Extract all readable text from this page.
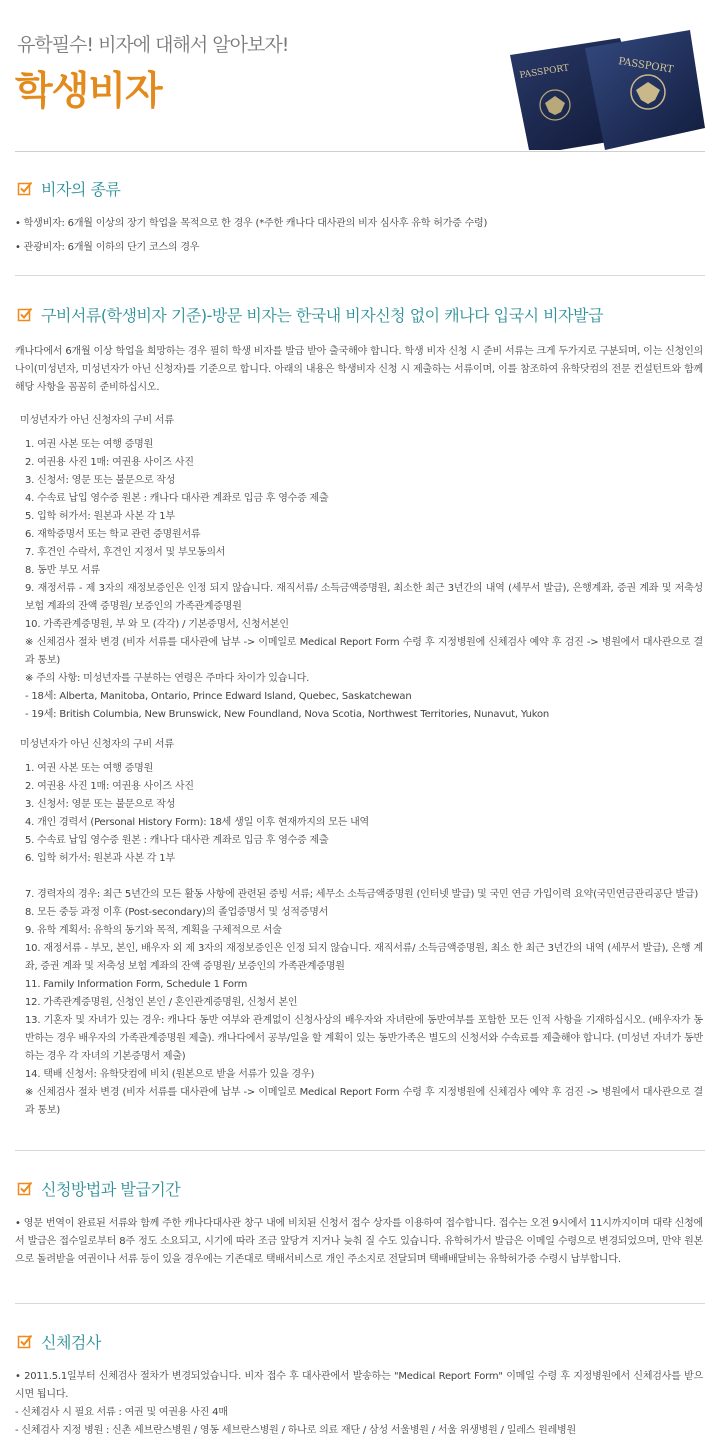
유학필수! 비자에 대해서 알아보자!
학생비자	PASSPORT	PASSPORT
비자의 종류
• 학생비자: 6개월 이상의 장기 학업을 목적으로 한 경우 (*주한 캐나다 대사관의 비자 심사후 유학 허가증 수령)
• 관광비자: 6개월 이하의 단기 코스의 경우
구비서류(학생비자 기준)-방문 비자는 한국내 비자신청 없이 캐나다 입국시 비자발급
캐나다에서 6개월 이상 학업을 희망하는 경우 필히 학생 비자를 발급 받아 출국해야 합니다. 학생 비자 신청 시 준비 서류는 크게 두가지로 구분되며, 이는 신청인의 나이(미성년자, 미성년자가 아닌 신청자)를 기준으로 합니다. 아래의 내용은 학생비자 신청 시 제출하는 서류이며, 이를 참조하여 유학닷컴의 전문 컨설턴트와 함께 해당 사항을 꼼꼼히 준비하십시오.
미성년자가 아닌 신청자의 구비 서류
1. 여권 사본 또는 여행 증명원
2. 여권용 사진 1매: 여권용 사이즈 사진
3. 신청서: 영문 또는 불문으로 작성
4. 수속료 납입 영수증 원본 : 캐나다 대사관 계좌로 입금 후 영수증 제출
5. 입학 허가서: 원본과 사본 각 1부
6. 재학증명서 또는 학교 관련 증명원서류
7. 후견인 수락서, 후견인 지정서 및 부모동의서
8. 동반 부모 서류
9. 재정서류 - 제 3자의 재정보증인은 인정 되지 않습니다. 재직서류/ 소득금액증명원, 최소한 최근 3년간의 내역 (세무서 발급), 은행계좌, 증권 계좌 및 저축성 보험 계좌의 잔액 증명원/ 보증인의 가족관계증명원
10. 가족관계증명원, 부 와 모 (각각) / 기본증명서, 신청서본인
※ 신체검사 절차 변경 (비자 서류를 대사관에 납부 -> 이메일로 Medical Report Form 수령 후 지정병원에 신체검사 예약 후 검진 -> 병원에서 대사관으로 결과 통보)
※ 주의 사항: 미성년자를 구분하는 연령은 주마다 차이가 있습니다.
- 18세: Alberta, Manitoba, Ontario, Prince Edward Island, Quebec, Saskatchewan
- 19세: British Columbia, New Brunswick, New Foundland, Nova Scotia, Northwest Territories, Nunavut, Yukon
미성년자가 아닌 신청자의 구비 서류
1. 여권 사본 또는 여행 증명원
2. 여권용 사진 1매: 여권용 사이즈 사진
3. 신청서: 영문 또는 불문으로 작성
4. 개인 경력서 (Personal History Form): 18세 생일 이후 현재까지의 모든 내역
5. 수속료 납입 영수증 원본 : 캐나다 대사관 계좌로 입금 후 영수증 제출
6. 입학 허가서: 원본과 사본 각 1부
7. 경력자의 경우: 최근 5년간의 모든 활동 사항에 관련된 증빙 서류; 세무소 소득금액증명원 (인터넷 발급) 및 국민 연금 가입이력 요약(국민연금관리공단 발급)
8. 모든 중등 과정 이후 (Post-secondary)의 졸업증명서 및 성적증명서
9. 유학 계획서: 유학의 동기와 목적, 계획을 구체적으로 서술
10. 재정서류 - 부모, 본인, 배우자 외 제 3자의 재정보증인은 인정 되지 않습니다. 재직서류/ 소득금액증명원, 최소 한 최근 3년간의 내역 (세무서 발급), 은행 계좌, 증권 계좌 및 저축성 보험 계좌의 잔액 증명원/ 보증인의 가족관계증명원
11. Family Information Form, Schedule 1 Form
12. 가족관계증명원, 신청인 본인 / 혼인관계증명원, 신청서 본인
13. 기혼자 및 자녀가 있는 경우: 캐나다 동반 여부와 관계없이 신청사상의 배우자와 자녀란에 동반여부를 포함한 모든 인적 사항을 기재하십시오. (배우자가 동반하는 경우 배우자의 가족관계증명원 제출). 캐나다에서 공부/일을 할 계획이 있는 동반가족은 별도의 신청서와 수속료를 제출해야 합니다. (미성년 자녀가 동반하는 경우 각 자녀의 기본증명서 제출)
14. 택배 신청서: 유학닷컴에 비치 (원본으로 받을 서류가 있을 경우)
※ 신체검사 절차 변경 (비자 서류를 대사관에 납부 -> 이메일로 Medical Report Form 수령 후 지정병원에 신체검사 예약 후 검진 -> 병원에서 대사관으로 결과 통보)
신청방법과 발급기간
• 영문 번역이 완료된 서류와 함께 주한 캐나다대사관 창구 내에 비치된 신청서 접수 상자를 이용하여 접수합니다. 접수는 오전 9시에서 11시까지이며 대략 신청에서 발급은 접수일로부터 8주 정도 소요되고, 시기에 따라 조금 앞당겨 지거나 늦춰 질 수도 있습니다. 유학허가서 발급은 이메일 수령으로 변경되었으며, 만약 원본으로 돌려받을 여권이나 서류 등이 있을 경우에는 기존대로 택배서비스로 개인 주소지로 전달되며 택배배달비는 유학허가증 수령시 납부합니다.
신체검사
• 2011.5.1일부터 신체검사 절차가 변경되었습니다. 비자 접수 후 대사관에서 발송하는 "Medical Report Form" 이메일 수령 후 지정병원에서 신체검사를 받으시면 됩니다.
- 신체검사 시 필요 서류 : 여권 및 여권용 사진 4매
- 신체검사 지정 병원 : 신촌 세브란스병원 / 영동 세브란스병원 / 하나로 의료 재단 / 삼성 서울병원 / 서울 위생병원 / 일레스 원레병원
